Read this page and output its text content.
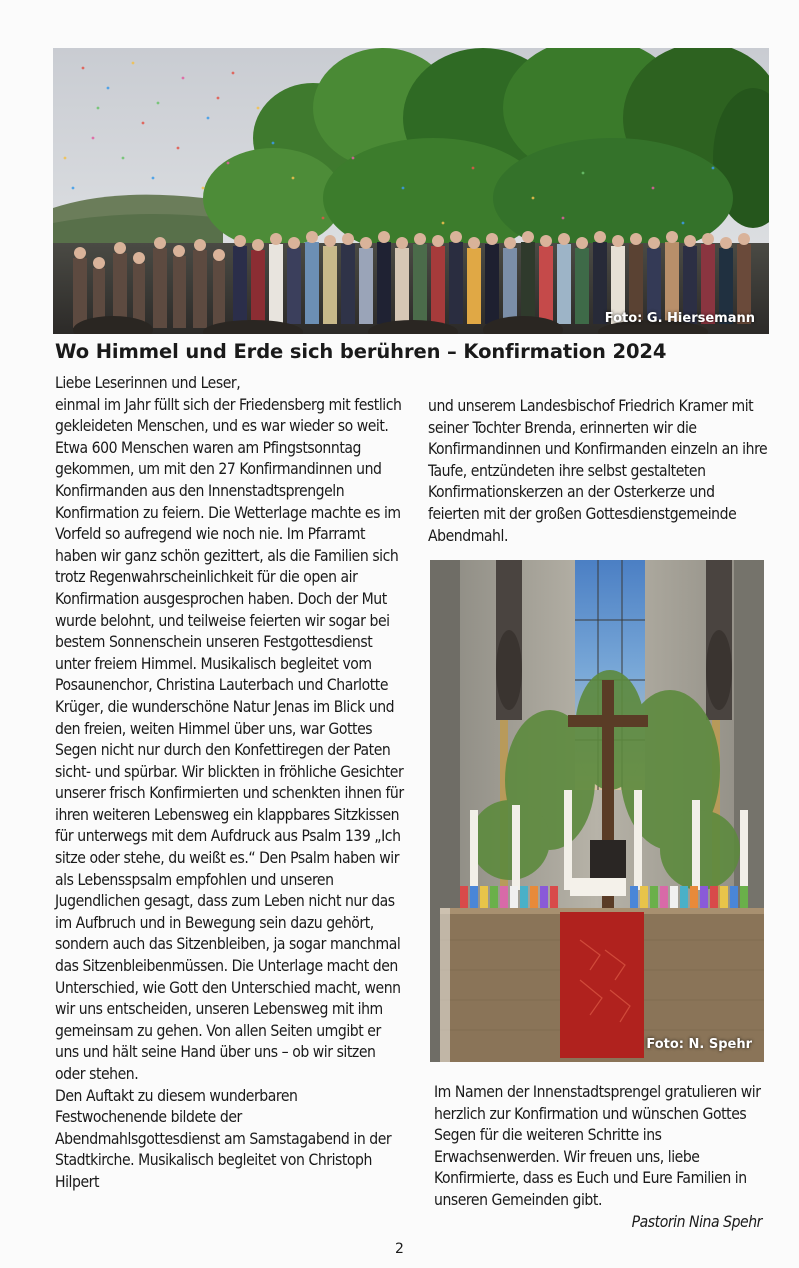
Foto: G. Hiersemann
Wo Himmel und Erde sich berühren – Konfirmation 2024

Liebe Leserinnen und Leser,

einmal im Jahr füllt sich der Friedensberg mit festlich gekleideten Menschen, und es war wieder so weit. Etwa 600 Menschen waren am Pfingstsonntag gekommen, um mit den 27 Konfirmandinnen und Konfirmanden aus den Innenstadtsprengeln Konfirmation zu feiern. Die Wetterlage machte es im Vorfeld so aufregend wie noch nie. Im Pfarramt haben wir ganz schön gezittert, als die Familien sich trotz Regenwahrscheinlichkeit für die open air Konfirmation ausgesprochen haben. Doch der Mut wurde belohnt, und teilweise feierten wir sogar bei bestem Sonnenschein unseren Festgottesdienst unter freiem Himmel. Musikalisch begleitet vom Posaunenchor, Christina Lauterbach und Charlotte Krüger, die wunderschöne Natur Jenas im Blick und den freien, weiten Himmel über uns, war Gottes Segen nicht nur durch den Konfettiregen der Paten sicht- und spürbar. Wir blickten in fröhliche Gesichter unserer frisch Konfirmierten und schenkten ihnen für ihren weiteren Lebensweg ein klappbares Sitzkissen für unterwegs mit dem Aufdruck aus Psalm 139 „Ich sitze oder stehe, du weißt es.“ Den Psalm haben wir als Lebensspsalm empfohlen und unseren Jugendlichen gesagt, dass zum Leben nicht nur das im Aufbruch und in Bewegung sein dazu gehört, sondern auch das Sitzenbleiben, ja sogar manchmal das Sitzenbleibenmüssen. Die Unterlage macht den Unterschied, wie Gott den Unterschied macht, wenn wir uns entscheiden, unseren Lebensweg mit ihm gemeinsam zu gehen. Von allen Seiten umgibt er uns und hält seine Hand über uns – ob wir sitzen oder stehen.

Den Auftakt zu diesem wunderbaren Festwochenende bildete der Abendmahlsgottesdienst am Samstagabend in der Stadtkirche. Musikalisch begleitet von Christoph Hilpert

und unserem Landesbischof Friedrich Kramer mit seiner Tochter Brenda, erinnerten wir die Konfirmandinnen und Konfirmanden einzeln an ihre Taufe, entzündeten ihre selbst gestalteten Konfirmationskerzen an der Osterkerze und feierten mit der großen Gottesdienstgemeinde Abendmahl.

Foto: N. Spehr

Im Namen der Innenstadtsprengel gratulieren wir herzlich zur Konfirmation und wünschen Gottes Segen für die weiteren Schritte ins Erwachsenwerden. Wir freuen uns, liebe Konfirmierte, dass es Euch und Eure Familien in unseren Gemeinden gibt.

Pastorin Nina Spehr

2
